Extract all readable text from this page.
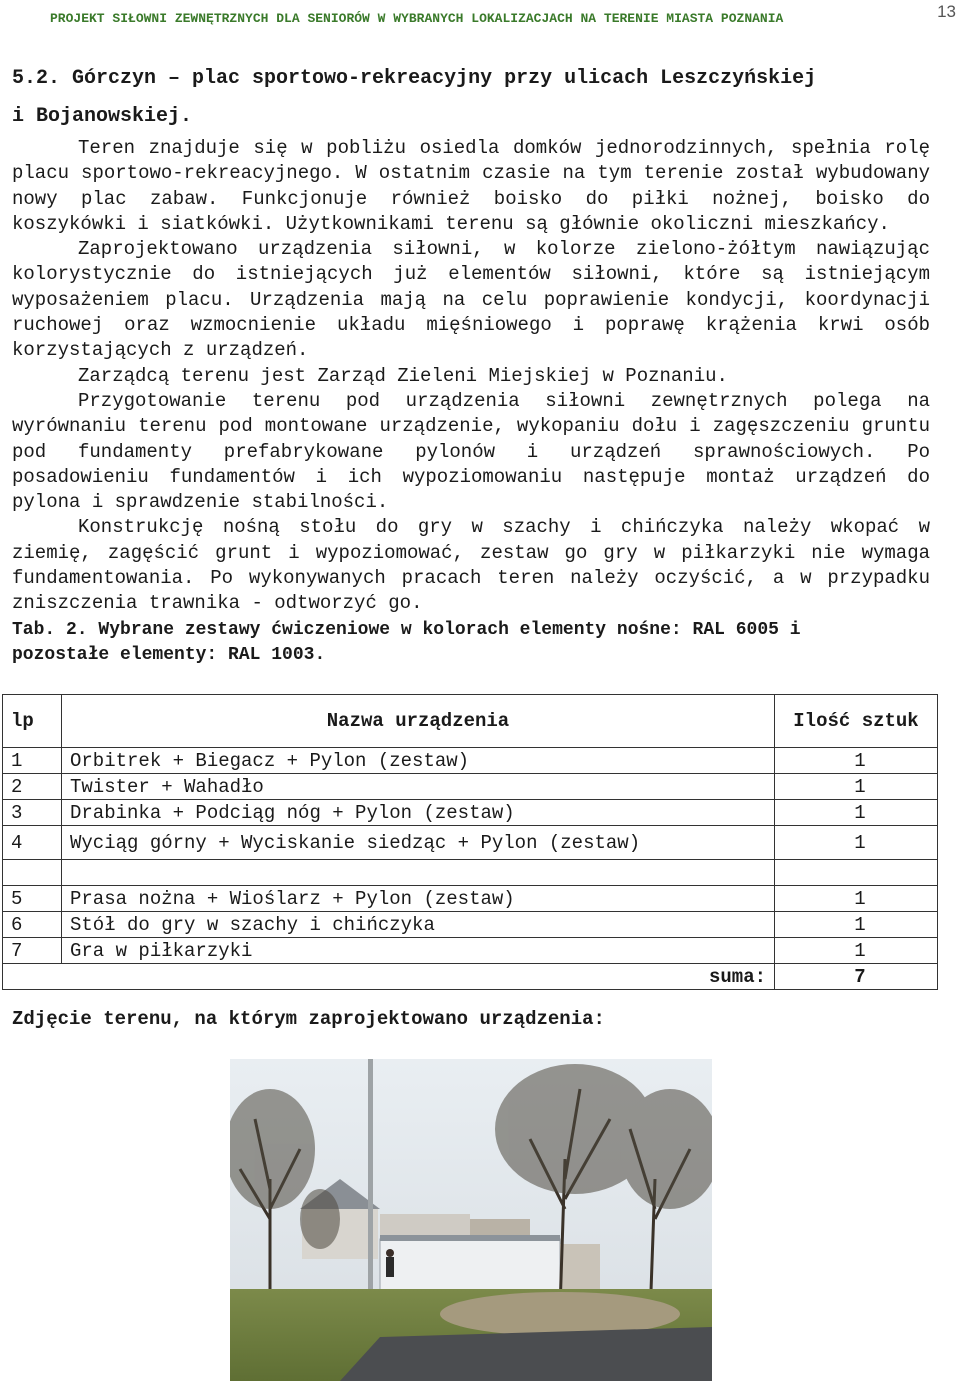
PROJEKT SIŁOWNI ZEWNĘTRZNYCH DLA SENIORÓW W WYBRANYCH LOKALIZACJACH NA TERENIE MIASTA POZNANIA	13
5.2. Górczyn – plac sportowo-rekreacyjny przy ulicach Leszczyńskiej
i Bojanowskiej.

Teren znajduje się w pobliżu osiedla domków jednorodzinnych, spełnia rolę placu sportowo-rekreacyjnego. W ostatnim czasie na tym terenie został wybudowany nowy plac zabaw. Funkcjonuje również boisko do piłki nożnej, boisko do koszykówki i siatkówki. Użytkownikami terenu są głównie okoliczni mieszkańcy.

Zaprojektowano urządzenia siłowni, w kolorze zielono-żółtym nawiązując kolorystycznie do istniejących już elementów siłowni, które są istniejącym wyposażeniem placu. Urządzenia mają na celu poprawienie kondycji, koordynacji ruchowej oraz wzmocnienie układu mięśniowego i poprawę krążenia krwi osób korzystających z urządzeń.

Zarządcą terenu jest Zarząd Zieleni Miejskiej w Poznaniu.

Przygotowanie terenu pod urządzenia siłowni zewnętrznych polega na wyrównaniu terenu pod montowane urządzenie, wykopaniu dołu i zagęszczeniu gruntu pod fundamenty prefabrykowane pylonów i urządzeń sprawnościowych. Po posadowieniu fundamentów i ich wypoziomowaniu następuje montaż urządzeń do pylona i sprawdzenie stabilności.

Konstrukcję nośną stołu do gry w szachy i chińczyka należy wkopać w ziemię, zagęścić grunt i wypoziomować, zestaw go gry w piłkarzyki nie wymaga fundamentowania. Po wykonywanych pracach teren należy oczyścić, a w przypadku zniszczenia trawnika - odtworzyć go.

Tab. 2. Wybrane zestawy ćwiczeniowe w kolorach elementy nośne: RAL 6005 i
pozostałe elementy: RAL 1003.
lp	Nazwa urządzenia	Ilość sztuk
1	Orbitrek + Biegacz + Pylon (zestaw)	1
2	Twister + Wahadło	1
3	Drabinka + Podciąg nóg + Pylon (zestaw)	1
4	Wyciąg górny + Wyciskanie siedząc + Pylon (zestaw)	1

5	Prasa nożna + Wioślarz + Pylon (zestaw)	1
6	Stół do gry w szachy i chińczyka	1
7	Gra w piłkarzyki	1
suma:		7
Zdjęcie terenu, na którym zaprojektowano urządzenia:
